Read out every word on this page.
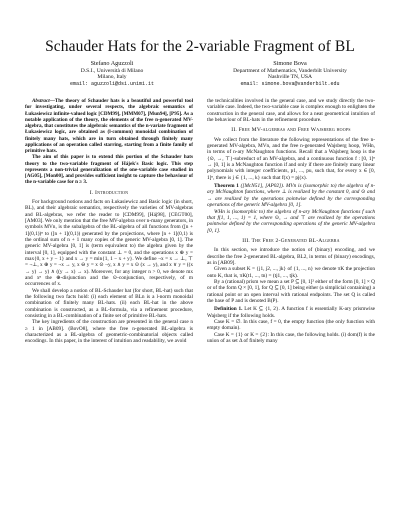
Schauder Hats for the 2-variable Fragment of BL
Stefano Aguzzoli
D.S.I., Università di Milano
Milano, Italy
email: aguzzoli@dsi.unimi.it
Simone Bova
Department of Mathematics, Vanderbilt University
Nashville TN, USA
email: simone.bova@vanderbilt.edu

Abstract—The theory of Schauder hats is a beautiful and powerful tool for investigating, under several respects, the algebraic semantics of Łukasiewicz infinite-valued logic [CDM99], [MMM07], [Mun94], [P95]. As a notable application of the theory, the elements of the free n-generated MV-algebra, that constitutes the algebraic semantics of the n-variate fragment of Łukasiewicz logic, are obtained as (l-common) monoidal combination of finitely many hats, which are in turn obtained through finitely many applications of an operation called starring, starting from a finite family of primitive hats.

The aim of this paper is to extend this portion of the Schauder hats theory to the two-variable fragment of Hájek's Basic logic. This step represents a non-trivial generalization of the one-variable case studied in [AG05], [Mon00], and provides sufficient insight to capture the behaviour of the n-variable case for n ≥ 3.

I. Introduction

For background notions and facts on Łukasiewicz and Basic logic (in short, BL), and their algebraic semantics, respectively the varieties of MV-algebras and BL-algebras, we refer the reader to [CDM99], [Háj98], [CEGT00], [AM03]. We only mention that the free MV-algebra over n-many generators, in symbols MVn, is the subalgebra of the BL-algebra of all functions from ([n + 1](0,1))ⁿ to ([n + 1](0,1)) generated by the projections, where [n + 1](0,1) is the ordinal sum of n + 1 many copies of the generic MV-algebra [0, 1]. The generic MV-algebra [0, 1] is (term equivalent to) the algebra given by the interval [0, 1], equipped with the constant ⊥ = 0, and the operations x ⊕ y = max{0, x + y − 1} and x → y = min{1, 1 − x + y}. We define ¬x = x → ⊥, ⊤ = ¬⊥, x ⊕ y = ¬x → y, x ⊖ y = x ⊙ ¬y, x ∧ y = x ⊙ (x → y), and x ∨ y = ((x → y) → y) ∧ ((y → x) → x). Moreover, for any integer n > 0, we denote mx and xⁿ the ⊕-disjunction and the ⊙-conjunction, respectively, of m occurrences of x.

We shall develop a notion of BL-Schauder hat (for short, BL-hat) such that the following two facts hold: (i) each element of BLn is a l-norm monoidal combination of finitely many BL-hats. (ii) each BL-hat in the above combination is constructed, as a BL-formula, via a refinement procedure, consisting in a BL-combination of a finite set of primitive BL-hats.

The key ingredients of the construction are presented in the general case n ≥ 1 in [AB09]. (BovO8], where the free n-generated BL-algebra is characterized as a BL-algebra of geometric-combinatorial objects called encodings. In this paper, in the interest of intuition and readability, we avoid

the technicalities involved in the general case, and we study directly the two-variable case. Indeed, the two-variable case is complex enough to enlighten the construction in the general case, and allows for a neat geometrical intuition of the behaviour of BL-hats in the refinement procedure.

II. Free MV-algebras and Free Wajsberg hoops

We collect from the literature the following representations of the free n-generated MV-algebra, MVn, and the free n-generated Wajsberg hoop, WHn, in terms of n-ary McNaughton functions. Recall that a Wajsberg hoop is the {⊙, →, ⊤}-subreduct of an MV-algebra, and a continuous function f : [0, 1]ⁿ → [0, 1] is a McNaughton function if and only if there are finitely many linear polynomials with integer coefficients, p1, ..., pu, such that, for every x ∈ [0, 1]ⁿ, there is j ∈ {1, ..., k} such that f(x) = pj(x).

Theorem 1 ([McN51], [AP02]). MVn is (isomorphic to) the algebra of n-ary McNaughton functions, where ⊥ is realized by the constant 0, and ⊙ and → are realized by the operations pointwise defined by the corresponding operations of the generic MV-algebra [0, 1].

WHn is (isomorphic to) the algebra of n-ary McNaughton functions f such that f(1, 1, ..., 1) = 1, where ⊙, → and ⊤ are realized by the operations pointwise defined by the corresponding operations of the generic MV-algebra [0, 1].

III. The Free 2-Generated BL-Algebra

In this section, we introduce the notion of (binary) encoding, and we describe the free 2-generated BL-algebra, BL2, in terms of (binary) encodings, as in [AB09].

Given a subset K = {j1, j2, ..., jk} of {1, ..., n} we denote πK the projection onto K, that is, πK(t1, ..., tn) = (tj1, ..., tjk).

By a (rational) prism we mean a set P ⊆ [0, 1]² either of the form [0, 1] × Q or of the form Q × [0, 1], for Q ⊆ [0, 1] being either (a simplicial containing) a rational point or an open interval with rational endpoints. The set Q is called the base of P and is denoted B(P).

Definition 1. Let K ⊆ {1, 2}. A function f is essentially K-ary prismwise Wajsberg if the following holds.

Case K = ∅. In this case, f = 0, the empty function (the only function with empty domain).

Case K = {1} or K = {2}: In this case, the following holds. (i) dom(f) is the union of as set Δ of finitely many
